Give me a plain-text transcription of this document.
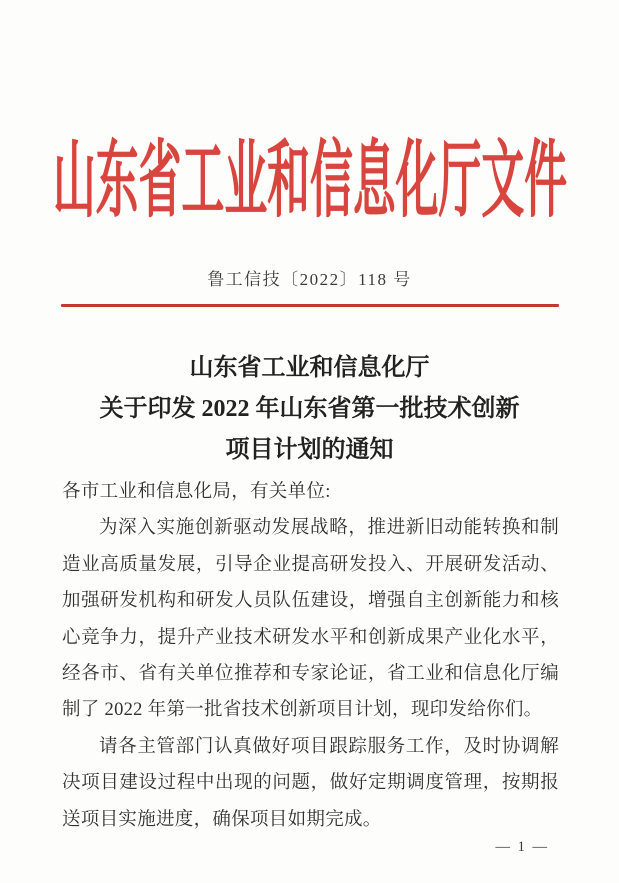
山东省工业和信息化厅文件
鲁工信技〔2022〕118 号
山东省工业和信息化厅
关于印发 2022 年山东省第一批技术创新
项目计划的通知
各市工业和信息化局，有关单位:
为深入实施创新驱动发展战略，推进新旧动能转换和制造业高质量发展，引导企业提高研发投入、开展研发活动、加强研发机构和研发人员队伍建设，增强自主创新能力和核心竞争力，提升产业技术研发水平和创新成果产业化水平，经各市、省有关单位推荐和专家论证，省工业和信息化厅编制了 2022 年第一批省技术创新项目计划，现印发给你们。
请各主管部门认真做好项目跟踪服务工作，及时协调解决项目建设过程中出现的问题，做好定期调度管理，按期报送项目实施进度，确保项目如期完成。
— 1 —
